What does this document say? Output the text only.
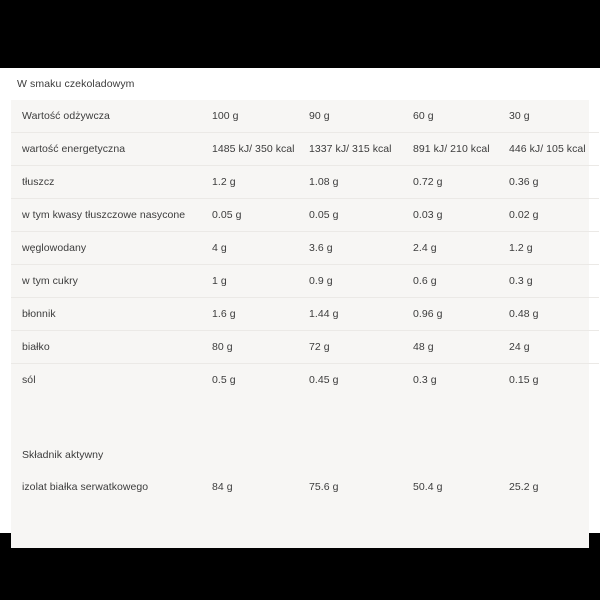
W smaku czekoladowym
Wartość odżywcza	100 g	90 g	60 g	30 g
wartość energetyczna	1485 kJ/ 350 kcal	1337 kJ/ 315 kcal	891 kJ/ 210 kcal	446 kJ/ 105 kcal
tłuszcz	1.2 g	1.08 g	0.72 g	0.36 g
w tym kwasy tłuszczowe nasycone	0.05 g	0.05 g	0.03 g	0.02 g
węglowodany	4 g	3.6 g	2.4 g	1.2 g
w tym cukry	1 g	0.9 g	0.6 g	0.3 g
błonnik	1.6 g	1.44 g	0.96 g	0.48 g
białko	80 g	72 g	48 g	24 g
sól	0.5 g	0.45 g	0.3 g	0.15 g

Składnik aktywny				
izolat białka serwatkowego	84 g	75.6 g	50.4 g	25.2 g
